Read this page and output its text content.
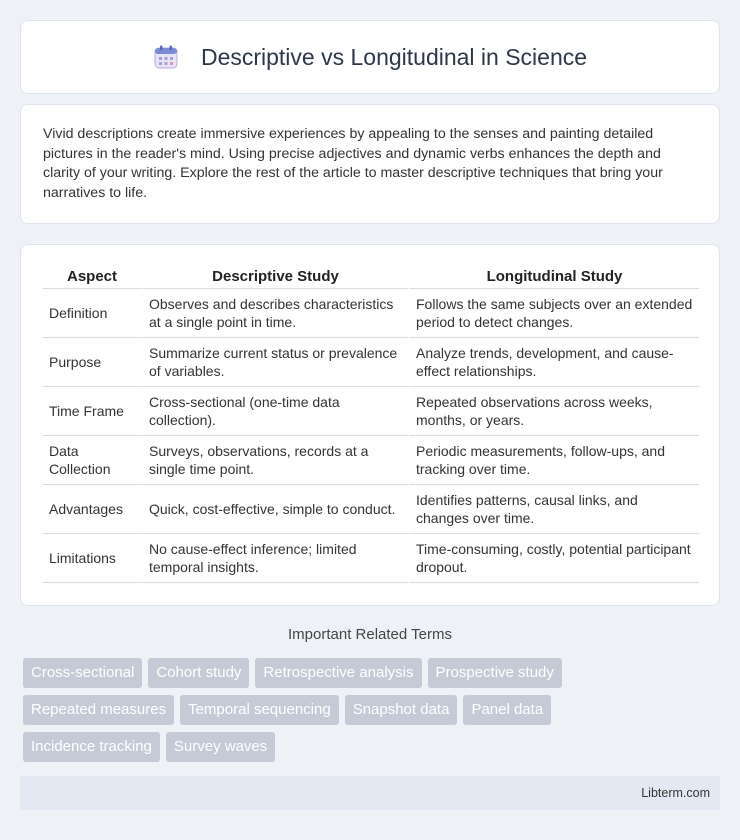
Descriptive vs Longitudinal in Science

Vivid descriptions create immersive experiences by appealing to the senses and painting detailed pictures in the reader's mind. Using precise adjectives and dynamic verbs enhances the depth and clarity of your writing. Explore the rest of the article to master descriptive techniques that bring your narratives to life.

Aspect	Descriptive Study	Longitudinal Study
Definition	Observes and describes characteristics at a single point in time.	Follows the same subjects over an extended period to detect changes.
Purpose	Summarize current status or prevalence of variables.	Analyze trends, development, and cause-effect relationships.
Time Frame	Cross-sectional (one-time data collection).	Repeated observations across weeks, months, or years.
Data Collection	Surveys, observations, records at a single time point.	Periodic measurements, follow-ups, and tracking over time.
Advantages	Quick, cost-effective, simple to conduct.	Identifies patterns, causal links, and changes over time.
Limitations	No cause-effect inference; limited temporal insights.	Time-consuming, costly, potential participant dropout.
Important Related Terms
Cross-sectional	Cohort study	Retrospective analysis	Prospective study
Repeated measures	Temporal sequencing	Snapshot data	Panel data
Incidence tracking	Survey waves
Libterm.com
